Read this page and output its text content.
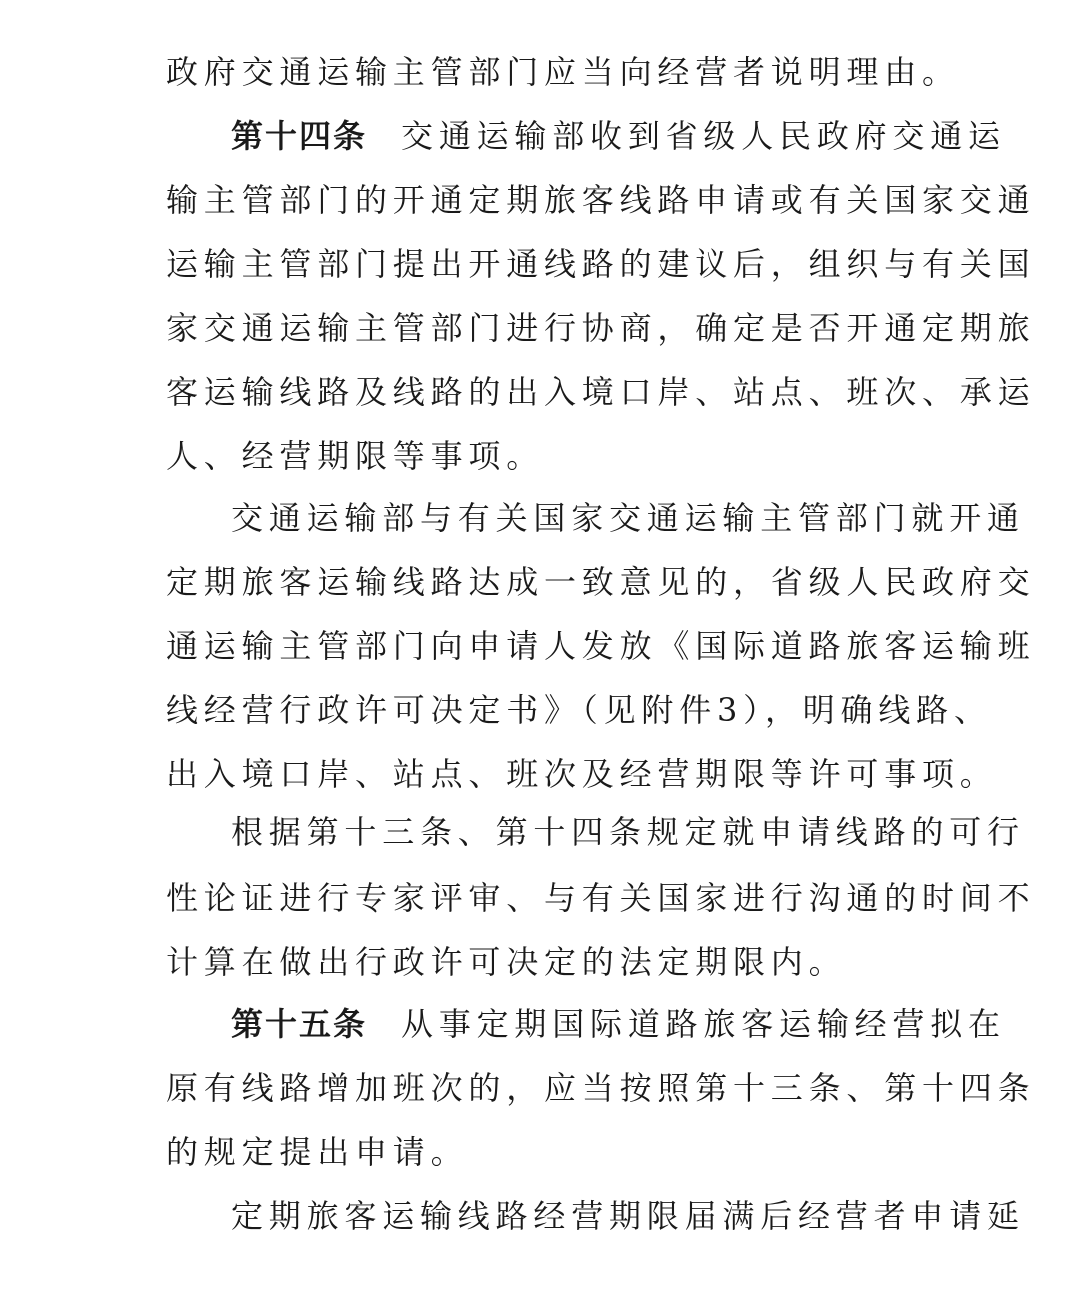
政府交通运输主管部门应当向经营者说明理由。
第十四条 交通运输部收到省级人民政府交通运
输主管部门的开通定期旅客线路申请或有关国家交通
运输主管部门提出开通线路的建议后，组织与有关国
家交通运输主管部门进行协商，确定是否开通定期旅
客运输线路及线路的出入境口岸、站点、班次、承运
人、经营期限等事项。
交通运输部与有关国家交通运输主管部门就开通
定期旅客运输线路达成一致意见的，省级人民政府交
通运输主管部门向申请人发放《国际道路旅客运输班
线经营行政许可决定书》（见附件3），明确线路、
出入境口岸、站点、班次及经营期限等许可事项。
根据第十三条、第十四条规定就申请线路的可行
性论证进行专家评审、与有关国家进行沟通的时间不
计算在做出行政许可决定的法定期限内。
第十五条 从事定期国际道路旅客运输经营拟在
原有线路增加班次的，应当按照第十三条、第十四条
的规定提出申请。
定期旅客运输线路经营期限届满后经营者申请延
